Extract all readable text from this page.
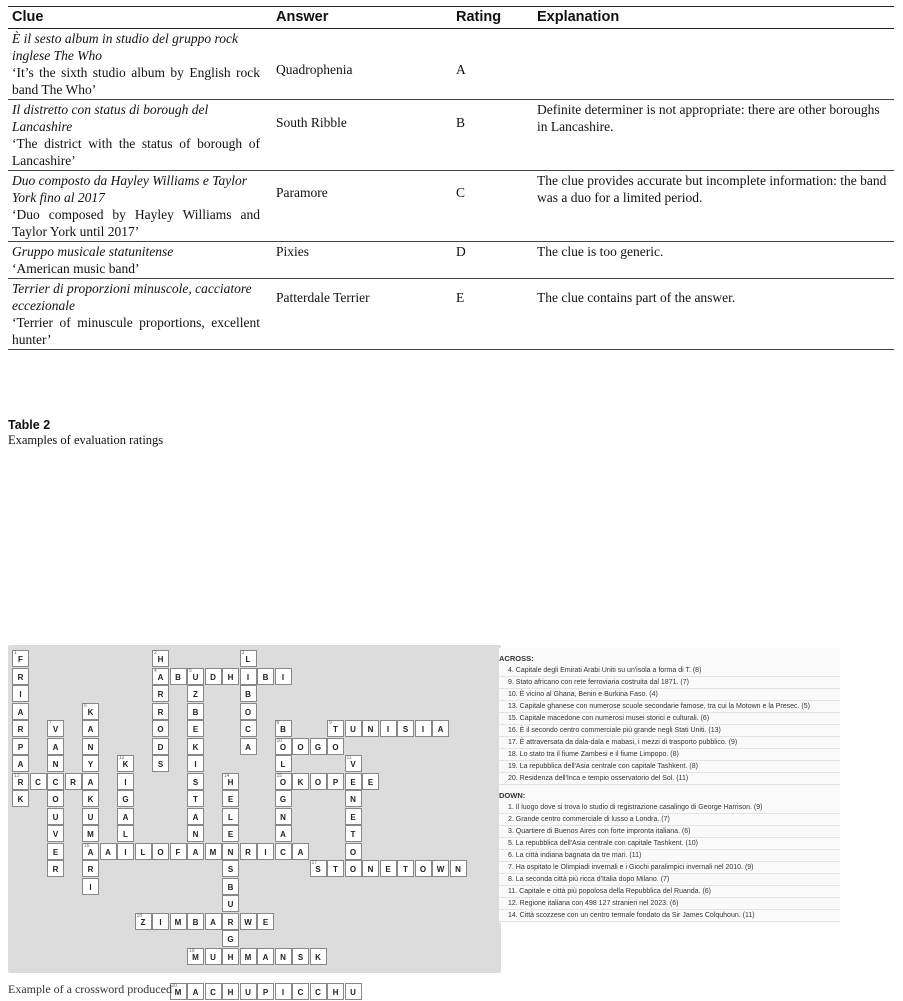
Clue	Answer	Rating	Explanation

È il sesto album in studio del gruppo rock inglese The Who
‘It’s the sixth studio album by English rock band The Who’	Quadrophenia	A	

Il distretto con status di borough del Lancashire
‘The district with the status of borough of Lancashire’	South Ribble	B	Definite determiner is not appropriate: there are other boroughs in Lancashire.

Duo composto da Hayley Williams e Taylor York fino al 2017
‘Duo composed by Hayley Williams and Taylor York until 2017’	Paramore	C	The clue provides accurate but incomplete information: the band was a duo for a limited period.

Gruppo musicale statunitense
‘American music band’	Pixies	D	The clue is too generic.

Terrier di proporzioni minuscole, cacciatore eccezionale
‘Terrier of minuscule proportions, excellent hunter’	Patterdale Terrier	E	The clue contains part of the answer.
Table 2
Examples of evaluation ratings
1
F
R
I
A
R
P
A
13
R
K
2
H
4
A
R
R
O
D
S
3
L
I
B
O
C
A
B
5
U	D	H	B	I
Z
B
E
K
I
S
T
A
N
6
K
A
N
Y
A
K
U
M
16
A
R
I
7
V
A
N
C
O
U
V
E
R
8
B
10
O
L
15
O
G
N
A
9
T	U	N	I	S	I	A
O	G	O
11
V
E
N
E
T
O
12
K
I
G
A
L
I
C	R
14
H
E
L
E
N
S
B
U
R
G
H
K	O	P	E
A	L	O	F	A	M	R	I	C	A
17
S	T	O	N	E	T	O	W	N
18
Z	I	M	B	A	W	E
19
M	U	M	A	N	S	K
20
M	A	C	H	U	P	I	C	C	H	U
ACROSS:
4. Capitale degli Emirati Arabi Uniti su un'isola a forma di T. (8)
9. Stato africano con rete ferroviaria costruita dal 1871. (7)
10. È vicino al Ghana, Benin e Burkina Faso. (4)
13. Capitale ghanese con numerose scuole secondarie famose, tra cui la Motown e la Presec. (5)
15. Capitale macedone con numerosi musei storici e culturali. (6)
16. È il secondo centro commerciale più grande negli Stati Uniti. (13)
17. È attraversata da dala-dala e mabasi, i mezzi di trasporto pubblico. (9)
18. Lo stato tra il fiume Zambesi e il fiume Limpopo. (8)
19. La repubblica dell'Asia centrale con capitale Tashkent. (8)
20. Residenza dell'Inca e tempio osservatorio del Sol. (11)
DOWN:
1. Il luogo dove si trova lo studio di registrazione casalingo di George Harrison. (9)
2. Grande centro commerciale di lusso a Londra. (7)
3. Quartiere di Buenos Aires con forte impronta italiana. (6)
5. La repubblica dell'Asia centrale con capitale Tashkent. (10)
6. La città indiana bagnata da tre mari. (11)
7. Ha ospitato le Olimpiadi invernali e i Giochi paralimpici invernali nel 2010. (9)
8. La seconda città più ricca d'Italia dopo Milano. (7)
11. Capitale e città più popolosa della Repubblica del Ruanda. (6)
12. Regione italiana con 498 127 stranieri nel 2023. (6)
14. Città scozzese con un centro termale fondato da Sir James Colquhoun. (11)
Example of a crossword produced
